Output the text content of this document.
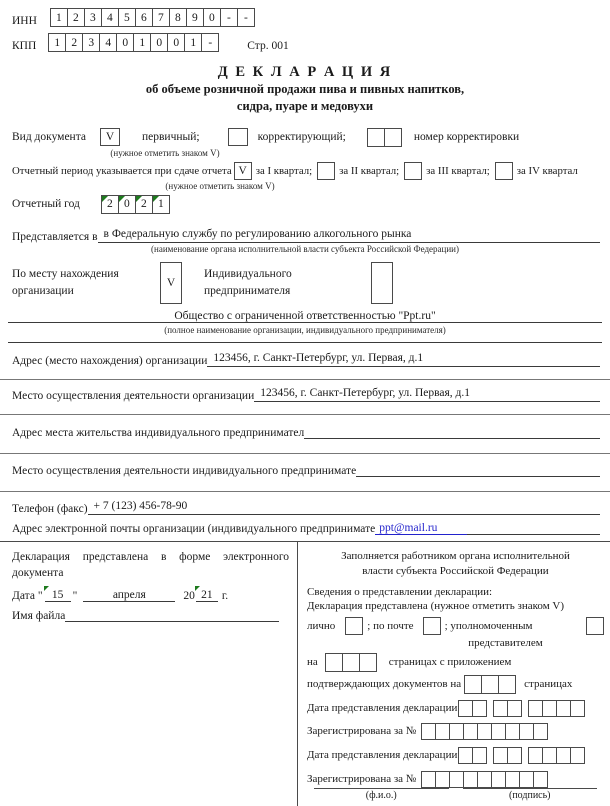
ИНН	1 2 3 4 5 6 7 8 9 0	-	-
КПП	1 2 3 4 0 1 0 0 1	-	Стр. 001
Д Е К Л А Р А Ц И Я
об объеме розничной продажи пива и пивных напитков,
сидра, пуаре и медовухи
Вид документа	V	первичный;	корректирующий;	номер корректировки
(нужное отметить знаком V)
Отчетный период указывается при сдаче отчета V за I квартал;	за II квартал;	за III квартал;	за IV квартал
(нужное отметить знаком V)
Отчетный год	2 0 2 1
Представляется в в Федеральную службу по регулированию алкогольного рынка
(наименование органа исполнительной власти субъекта Российской Федерации)
По месту нахождения организации
V
Индивидуального предпринимателя
Общество с ограниченной ответственностью "Ppt.ru"
(полное наименование организации, индивидуального предпринимателя)
Адрес (место нахождения) организации 123456, г. Санкт-Петербург, ул. Первая, д.1
Место осуществления деятельности организации 123456, г. Санкт-Петербург, ул. Первая, д.1
Адрес места жительства индивидуального предпринимател
Место осуществления деятельности индивидуального предпринимате
Телефон (факс) + 7 (123) 456-78-90
Адрес электронной почты организации (индивидуального предпринимате ppt@mail.ru
Декларация представлена в форме электронного документа
Дата " 15 "	апреля	20 21 г.
Имя файла
Заполняется работником органа исполнительной
власти субъекта Российской Федерации
Сведения о представлении декларации:
Декларация представлена (нужное отметить знаком V)
лично	; по почте	; уполномоченным
представителем
на	страницах с приложением
подтверждающих документов на	страницах
Дата представления декларации
Зарегистрирована за №
Дата представления декларации
Зарегистрирована за №
(ф.и.о.)	(подпись)
